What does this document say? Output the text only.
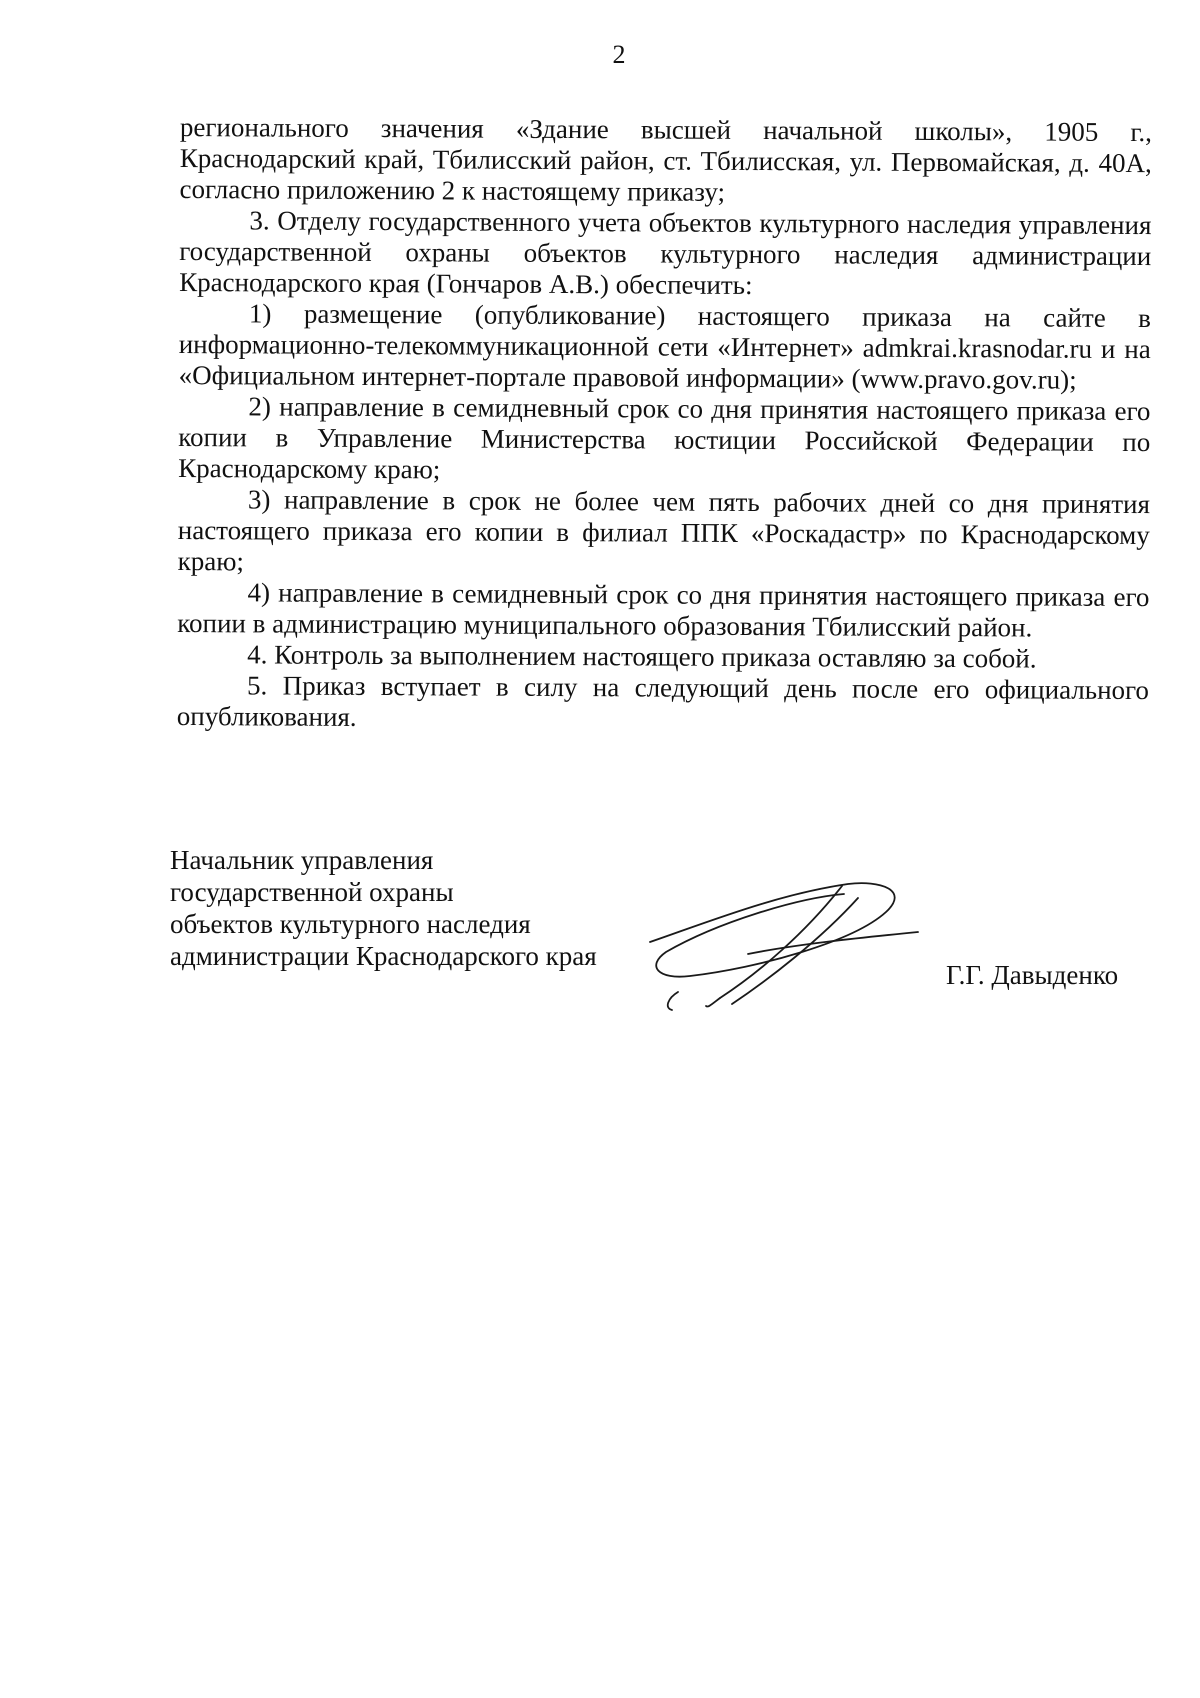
2

регионального значения «Здание высшей начальной школы», 1905 г., Краснодарский край, Тбилисский район, ст. Тбилисская, ул. Первомайская, д. 40А, согласно приложению 2 к настоящему приказу;

3. Отделу государственного учета объектов культурного наследия управления государственной охраны объектов культурного наследия администрации Краснодарского края (Гончаров А.В.) обеспечить:

1) размещение (опубликование) настоящего приказа на сайте в информационно-телекоммуникационной сети «Интернет» admkrai.krasnodar.ru и на «Официальном интернет-портале правовой информации» (www.pravo.gov.ru);

2) направление в семидневный срок со дня принятия настоящего приказа его копии в Управление Министерства юстиции Российской Федерации по Краснодарскому краю;

3) направление в срок не более чем пять рабочих дней со дня принятия настоящего приказа его копии в филиал ППК «Роскадастр» по Краснодарскому краю;

4) направление в семидневный срок со дня принятия настоящего приказа его копии в администрацию муниципального образования Тбилисский район.

4. Контроль за выполнением настоящего приказа оставляю за собой.

5. Приказ вступает в силу на следующий день после его официального опубликования.

Начальник управления
государственной охраны
объектов культурного наследия
администрации Краснодарского края
Г.Г. Давыденко
